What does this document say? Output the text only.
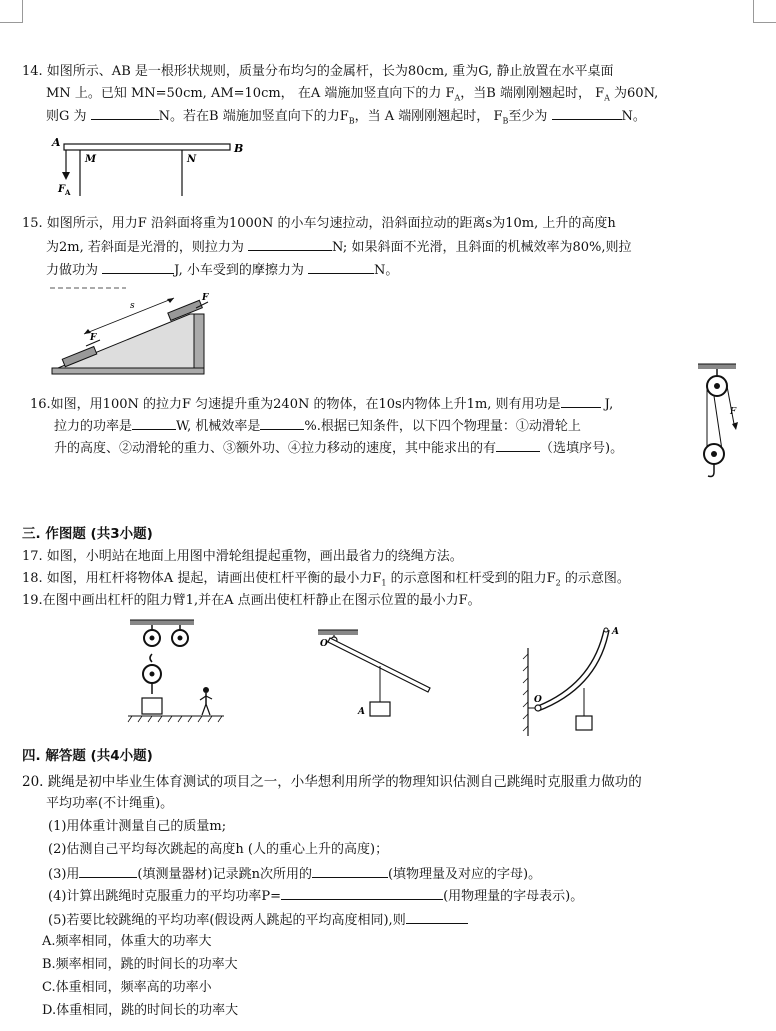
14. 如图所示、AB 是一根形状规则，质量分布均匀的金属杆，长为80cm, 重为G, 静止放置在水平桌面
MN 上。已知 MN=50cm, AM=10cm， 在A 端施加竖直向下的力 $F_A$，当B 端刚刚翘起时， $F_A$ 为60N,
则G 为	N。若在B 端施加竖直向下的力$F_B$，当 A 端刚刚翘起时， $F_B$至少为	N。
A	B
M	N
F A
15. 如图所示，用力F 沿斜面将重为1000N 的小车匀速拉动，沿斜面拉动的距离s为10m, 上升的高度h
为2m, 若斜面是光滑的，则拉力为	N; 如果斜面不光滑，且斜面的机械效率为80%,则拉
力做功为	J, 小车受到的摩擦力为	N。
s
F
F
16.如图，用100N 的拉力F 匀速提升重为240N 的物体，在10s内物体上升1m, 则有用功是	J,
拉力的功率是	W, 机械效率是	%.根据已知条件，以下四个物理量：①动滑轮上
升的高度、②动滑轮的重力、③额外功、④拉力移动的速度，其中能求出的有	（选填序号)。
F
三. 作图题 (共3小题)
17. 如图，小明站在地面上用图中滑轮组提起重物，画出最省力的绕绳方法。
18. 如图，用杠杆将物体A 提起，请画出使杠杆平衡的最小力$F_1$ 的示意图和杠杆受到的阻力$F_2$ 的示意图。
19.在图中画出杠杆的阻力臂1,并在A 点画出使杠杆静止在图示位置的最小力F。
O
A
O
A
四. 解答题 (共4小题)
20. 跳绳是初中毕业生体育测试的项目之一，小华想利用所学的物理知识估测自己跳绳时克服重力做功的
平均功率(不计绳重)。
(1)用体重计测量自己的质量m;
(2)估测自己平均每次跳起的高度h (人的重心上升的高度)；
(3)用	(填测量器材)记录跳n次所用的	(填物理量及对应的字母)。
(4)计算出跳绳时克服重力的平均功率P=	(用物理量的字母表示)。
(5)若要比较跳绳的平均功率(假设两人跳起的平均高度相同),则
A.频率相同，体重大的功率大
B.频率相同，跳的时间长的功率大
C.体重相同，频率高的功率小
D.体重相同，跳的时间长的功率大
